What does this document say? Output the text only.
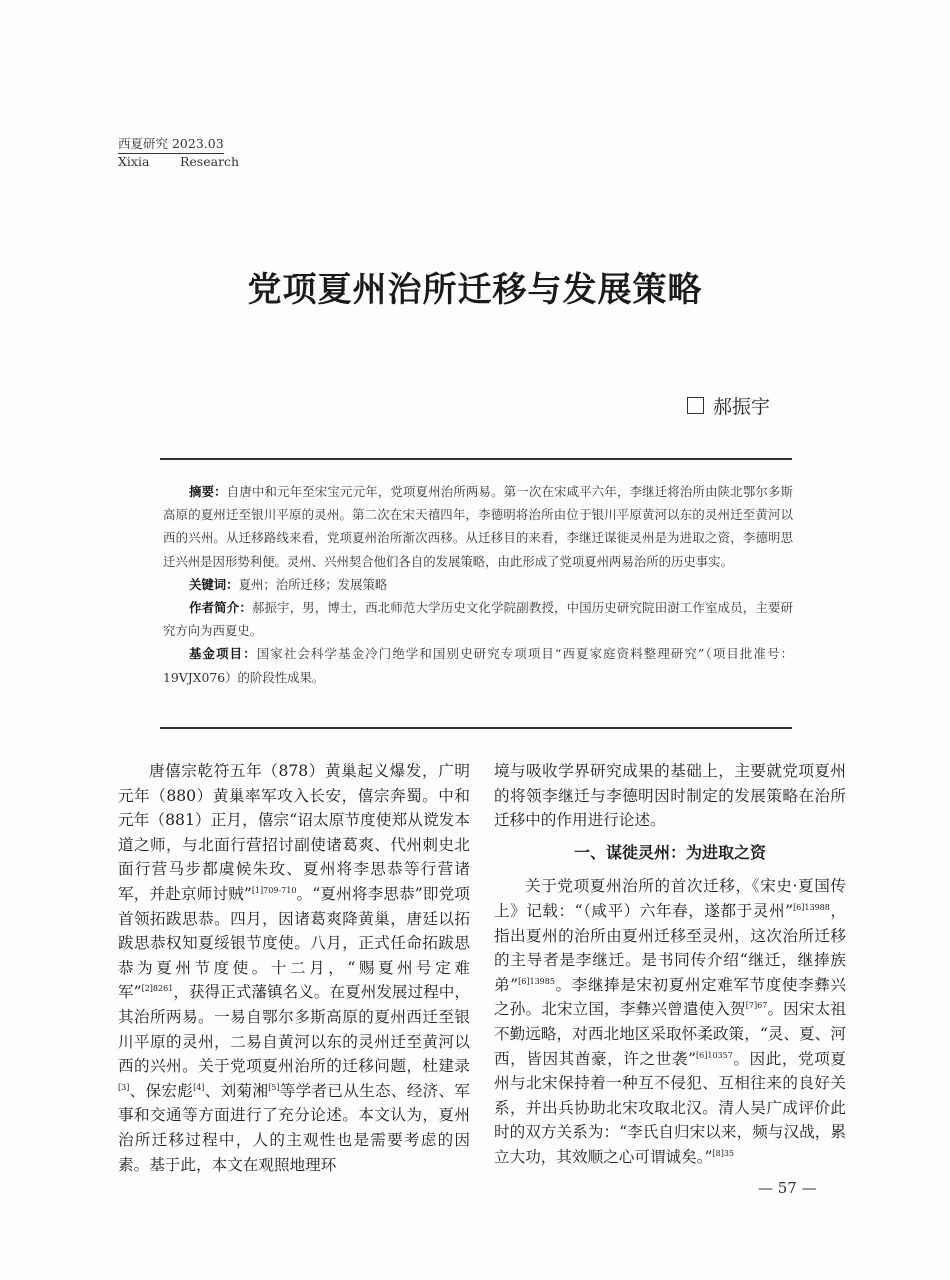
西夏研究 2023.03
Xixia Research
党项夏州治所迁移与发展策略
郝振宇

摘要：自唐中和元年至宋宝元元年，党项夏州治所两易。第一次在宋咸平六年，李继迁将治所由陕北鄂尔多斯高原的夏州迁至银川平原的灵州。第二次在宋天禧四年，李德明将治所由位于银川平原黄河以东的灵州迁至黄河以西的兴州。从迁移路线来看，党项夏州治所渐次西移。从迁移目的来看，李继迁谋徙灵州是为进取之资，李德明思迁兴州是因形势利便。灵州、兴州契合他们各自的发展策略，由此形成了党项夏州两易治所的历史事实。

关键词：夏州；治所迁移；发展策略

作者简介：郝振宇，男，博士，西北师范大学历史文化学院副教授，中国历史研究院田澍工作室成员，主要研究方向为西夏史。

基金项目：国家社会科学基金冷门绝学和国别史研究专项项目“西夏家庭资料整理研究”（项目批准号：19VJX076）的阶段性成果。

唐僖宗乾符五年（878）黄巢起义爆发，广明元年（880）黄巢率军攻入长安，僖宗奔蜀。中和元年（881）正月，僖宗“诏太原节度使郑从谠发本道之师，与北面行营招讨副使诸葛爽、代州刺史北面行营马步都虞候朱玫、夏州将李思恭等行营诸军，并赴京师讨贼”$^{[1]709-710}$。“夏州将李思恭”即党项首领拓跋思恭。四月，因诸葛爽降黄巢，唐廷以拓跋思恭权知夏绥银节度使。八月，正式任命拓跋思恭为夏州节度使。十二月，“赐夏州号定难军”$^{[2]8261}$，获得正式藩镇名义。在夏州发展过程中，其治所两易。一易自鄂尔多斯高原的夏州西迁至银川平原的灵州，二易自黄河以东的灵州迁至黄河以西的兴州。关于党项夏州治所的迁移问题，杜建录[3]、保宏彪[4]、刘菊湘[5]等学者已从生态、经济、军事和交通等方面进行了充分论述。本文认为，夏州治所迁移过程中，人的主观性也是需要考虑的因素。基于此，本文在观照地理环

境与吸收学界研究成果的基础上，主要就党项夏州的将领李继迁与李德明因时制定的发展策略在治所迁移中的作用进行论述。

一、谋徙灵州：为进取之资

关于党项夏州治所的首次迁移，《宋史·夏国传上》记载：“（咸平）六年春，遂都于灵州”$^{[6]13988}$，指出夏州的治所由夏州迁移至灵州，这次治所迁移的主导者是李继迁。是书同传介绍“继迁，继捧族弟”$^{[6]13985}$。李继捧是宋初夏州定难军节度使李彝兴之孙。北宋立国，李彝兴曾遣使入贺$^{[7]67}$。因宋太祖不勤远略，对西北地区采取怀柔政策，“灵、夏、河西，皆因其酋豪，许之世袭”$^{[6]10357}$。因此，党项夏州与北宋保持着一种互不侵犯、互相往来的良好关系，并出兵协助北宋攻取北汉。清人吴广成评价此时的双方关系为：“李氏自归宋以来，频与汉战，累立大功，其效顺之心可谓诚矣。”$^{[8]35}$

— 57 —
